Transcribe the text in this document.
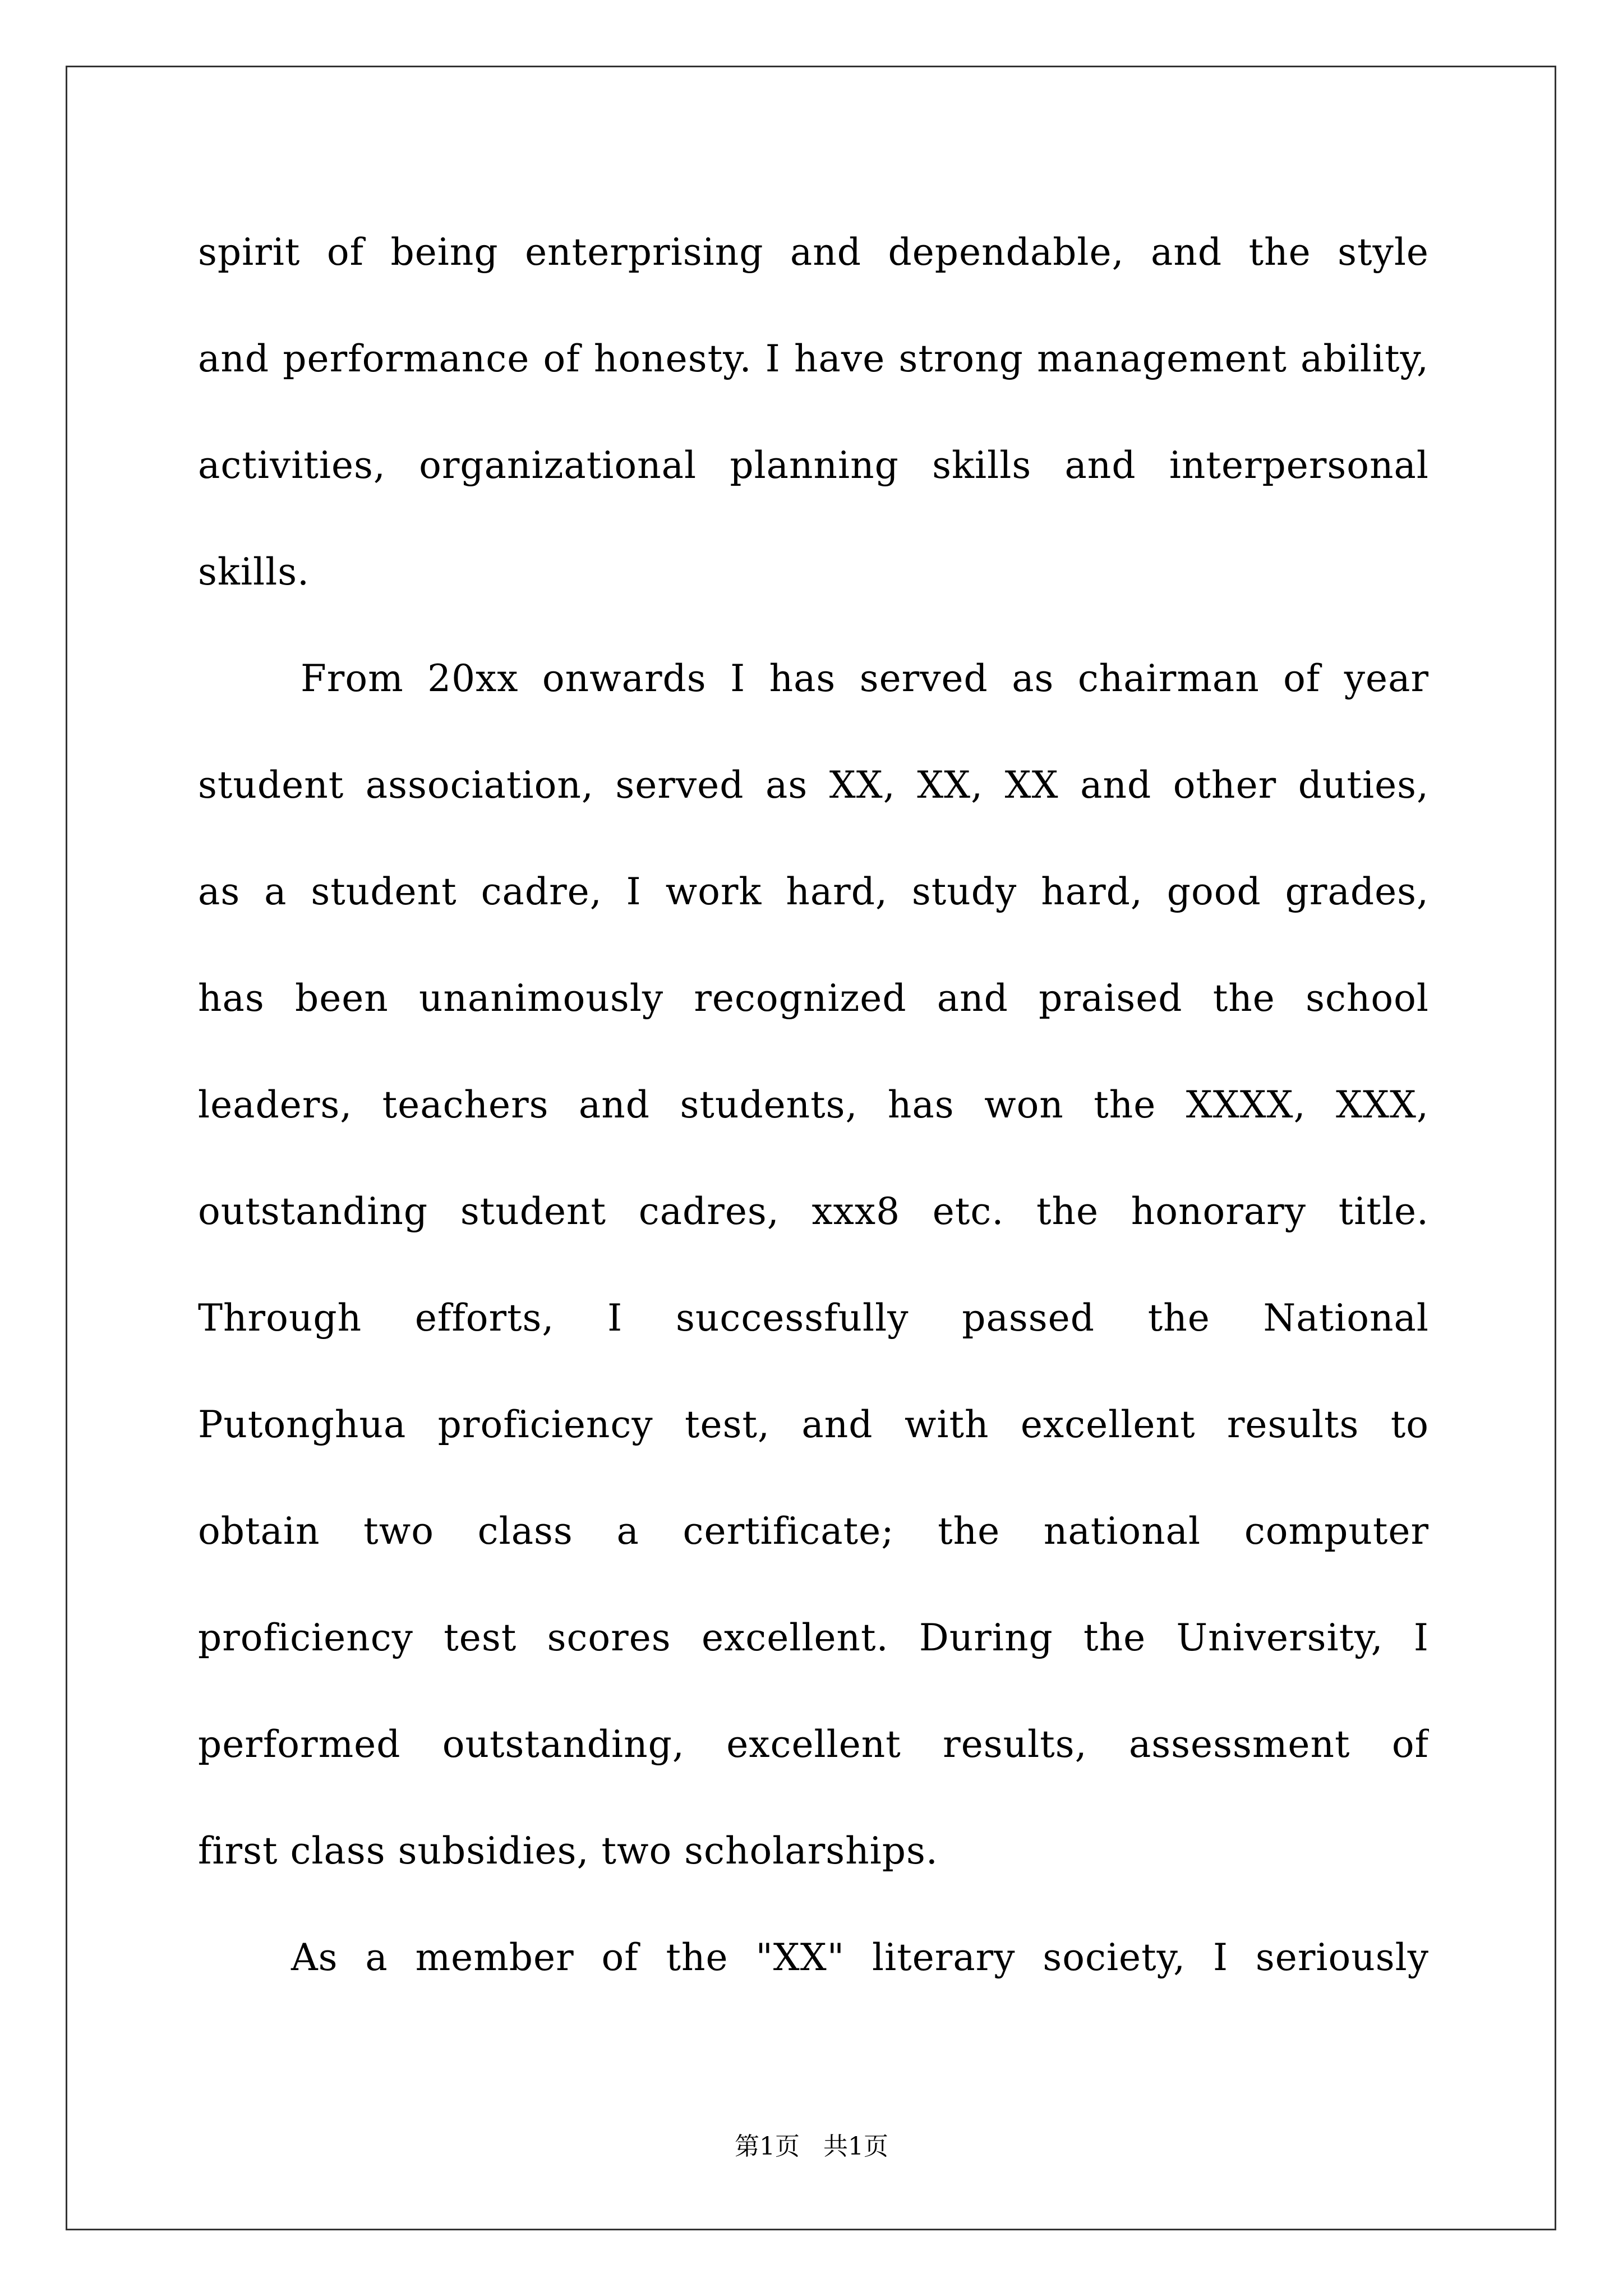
spirit of being enterprising and dependable, and the style
and performance of honesty. I have strong management ability,
activities, organizational planning skills and interpersonal
skills.
From 20xx onwards I has served as chairman of year
student association, served as XX, XX, XX and other duties,
as a student cadre, I work hard, study hard, good grades,
has been unanimously recognized and praised the school
leaders, teachers and students, has won the XXXX, XXX,
outstanding student cadres, xxx8 etc. the honorary title.
Through efforts, I successfully passed the National
Putonghua proficiency test, and with excellent results to
obtain two class a certificate; the national computer
proficiency test scores excellent. During the University, I
performed outstanding, excellent results, assessment of
first class subsidies, two scholarships.
As a member of the "XX" literary society, I seriously
第1页 共1页
